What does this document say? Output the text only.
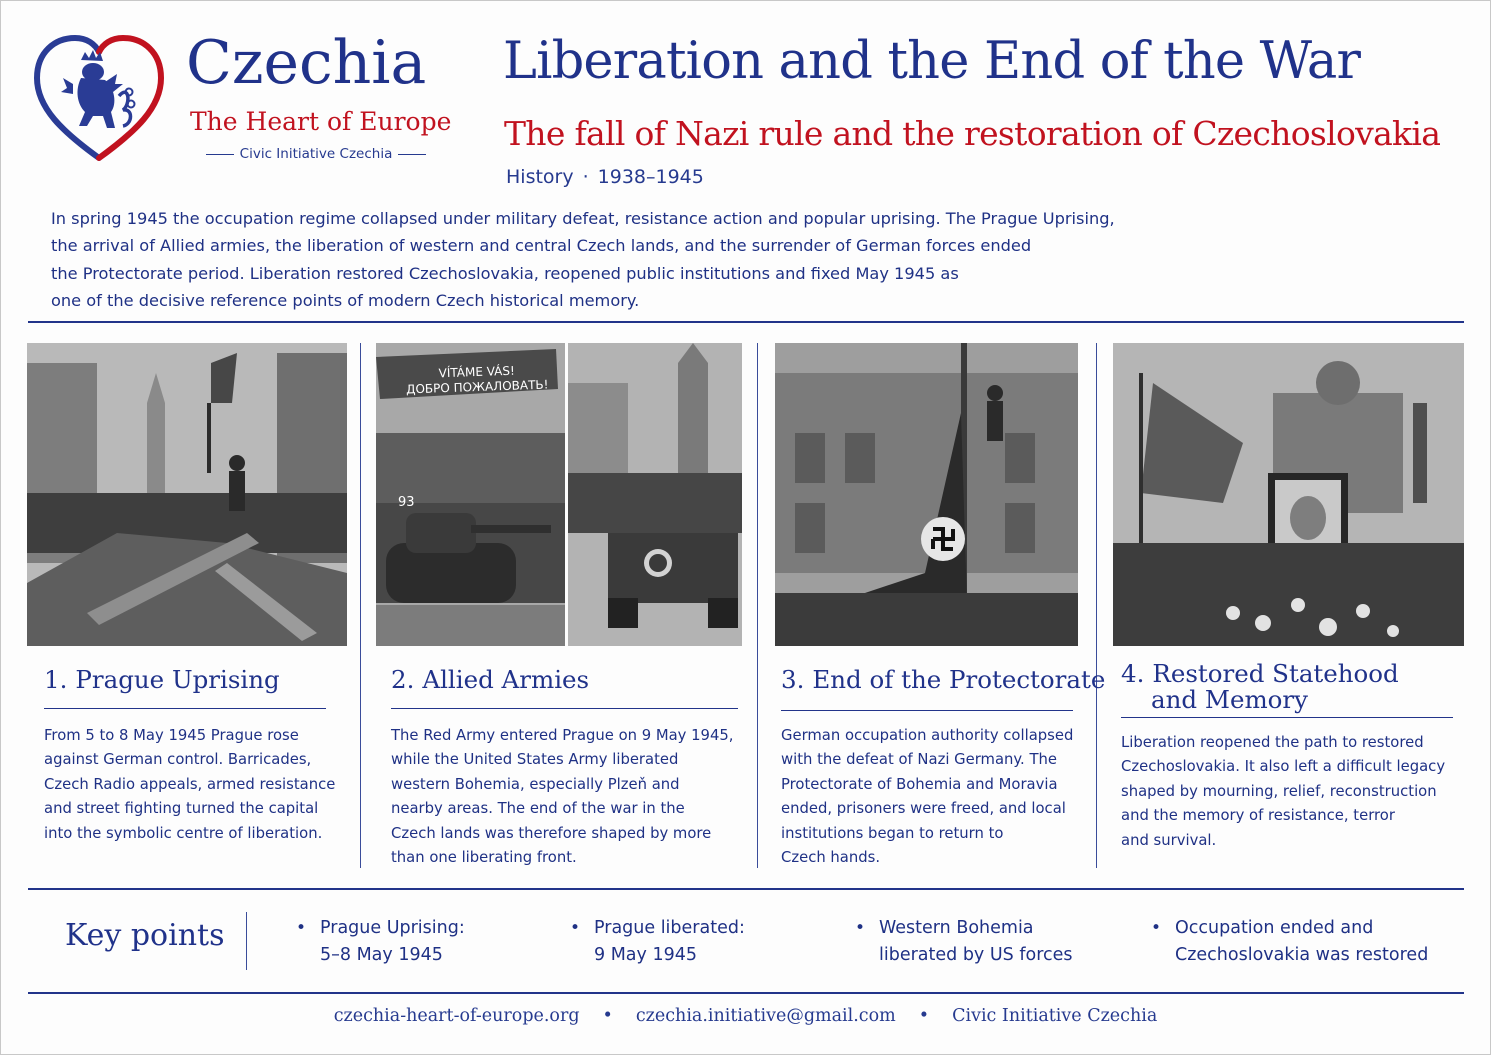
Czechia
The Heart of Europe
Civic Initiative Czechia
Liberation and the End of the War
The fall of Nazi rule and the restoration of Czechoslovakia
History · 1938–1945

In spring 1945 the occupation regime collapsed under military defeat, resistance action and popular uprising. The Prague Uprising,
the arrival of Allied armies, the liberation of western and central Czech lands, and the surrender of German forces ended
the Protectorate period. Liberation restored Czechoslovakia, reopened public institutions and fixed May 1945 as
one of the decisive reference points of modern Czech historical memory.

VÍTÁME VÁS!
ДОБРО ПОЖАЛОВАТЬ!
93
1. Prague Uprising

From 5 to 8 May 1945 Prague rose
against German control. Barricades,
Czech Radio appeals, armed resistance
and street fighting turned the capital
into the symbolic centre of liberation.

2. Allied Armies

The Red Army entered Prague on 9 May 1945,
while the United States Army liberated
western Bohemia, especially Plzeň and
nearby areas. The end of the war in the
Czech lands was therefore shaped by more
than one liberating front.

3. End of the Protectorate

German occupation authority collapsed
with the defeat of Nazi Germany. The
Protectorate of Bohemia and Moravia
ended, prisoners were freed, and local
institutions began to return to
Czech hands.

4. Restored Statehood
and Memory

Liberation reopened the path to restored
Czechoslovakia. It also left a difficult legacy
shaped by mourning, relief, reconstruction
and the memory of resistance, terror
and survival.

Key points	• Prague Uprising:
5–8 May 1945
• Prague liberated:
9 May 1945
• Western Bohemia
liberated by US forces
• Occupation ended and
Czechoslovakia was restored
czechia-heart-of-europe.org • czechia.initiative@gmail.com • Civic Initiative Czechia
